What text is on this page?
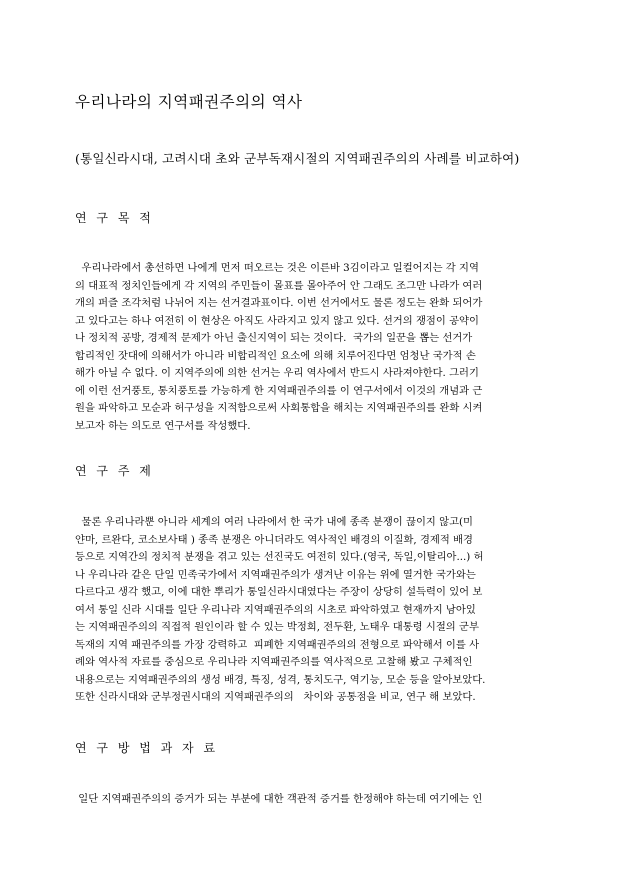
우리나라의 지역패권주의의 역사
(통일신라시대, 고려시대 초와 군부독재시절의 지역패권주의의 사례를 비교하여)
연 구 목 적
우리나라에서 총선하면 나에게 먼저 떠오르는 것은 이른바 3김이라고 일컬어지는 각 지역
의 대표적 정치인들에게 각 지역의 주민들이 몰표를 몰아주어 안 그래도 조그만 나라가 여러
개의 퍼즐 조각처럼 나뉘어 지는 선거결과표이다. 이번 선거에서도 물론 정도는 완화 되어가
고 있다고는 하나 여전히 이 현상은 아직도 사라지고 있지 않고 있다. 선거의 쟁점이 공약이
나 정치적 공방, 경제적 문제가 아닌 출신지역이 되는 것이다.  국가의 일꾼을 뽑는 선거가
합리적인 잣대에 의해서가 아니라 비합리적인 요소에 의해 치루어진다면 엄청난 국가적 손
해가 아닐 수 없다. 이 지역주의에 의한 선거는 우리 역사에서 반드시 사라져야한다. 그러기
에 이런 선거풍토, 통치풍토를 가능하게 한 지역패권주의를 이 연구서에서 이것의 개념과 근
원을 파악하고 모순과 허구성을 지적함으로써 사회통합을 해치는 지역패권주의를 완화 시켜
보고자 하는 의도로 연구서를 작성했다.
연 구 주 제
물론 우리나라뿐 아니라 세계의 여러 나라에서 한 국가 내에 종족 분쟁이 끊이지 않고(미
얀마, 르완다, 코소보사태 ) 종족 분쟁은 아니더라도 역사적인 배경의 이질화, 경제적 배경
등으로 지역간의 정치적 분쟁을 겪고 있는 선진국도 여전히 있다.(영국, 독일,이탈리아...) 허
나 우리나라 같은 단일 민족국가에서 지역패권주의가 생겨난 이유는 위에 열거한 국가와는
다르다고 생각 했고, 이에 대한 뿌리가 통일신라시대였다는 주장이 상당히 설득력이 있어 보
여서 통일 신라 시대를 일단 우리나라 지역패권주의의 시초로 파악하였고 현재까지 남아있
는 지역패권주의의 직접적 원인이라 할 수 있는 박정희, 전두환, 노태우 대통령 시절의 군부
독재의 지역 패권주의를 가장 강력하고  피폐한 지역패권주의의 전형으로 파악해서 이를 사
례와 역사적 자료를 중심으로 우리나라 지역패권주의를 역사적으로 고찰해 봤고 구체적인
내용으로는 지역패권주의의 생성 배경, 특징, 성격, 통치도구, 역기능, 모순 등을 알아보았다.
또한 신라시대와 군부정권시대의 지역패권주의의   차이와 공통점을 비교, 연구 해 보았다.
연 구 방 법 과 자 료
일단 지역패권주의의 증거가 되는 부분에 대한 객관적 증거를 한정해야 하는데 여기에는 인
